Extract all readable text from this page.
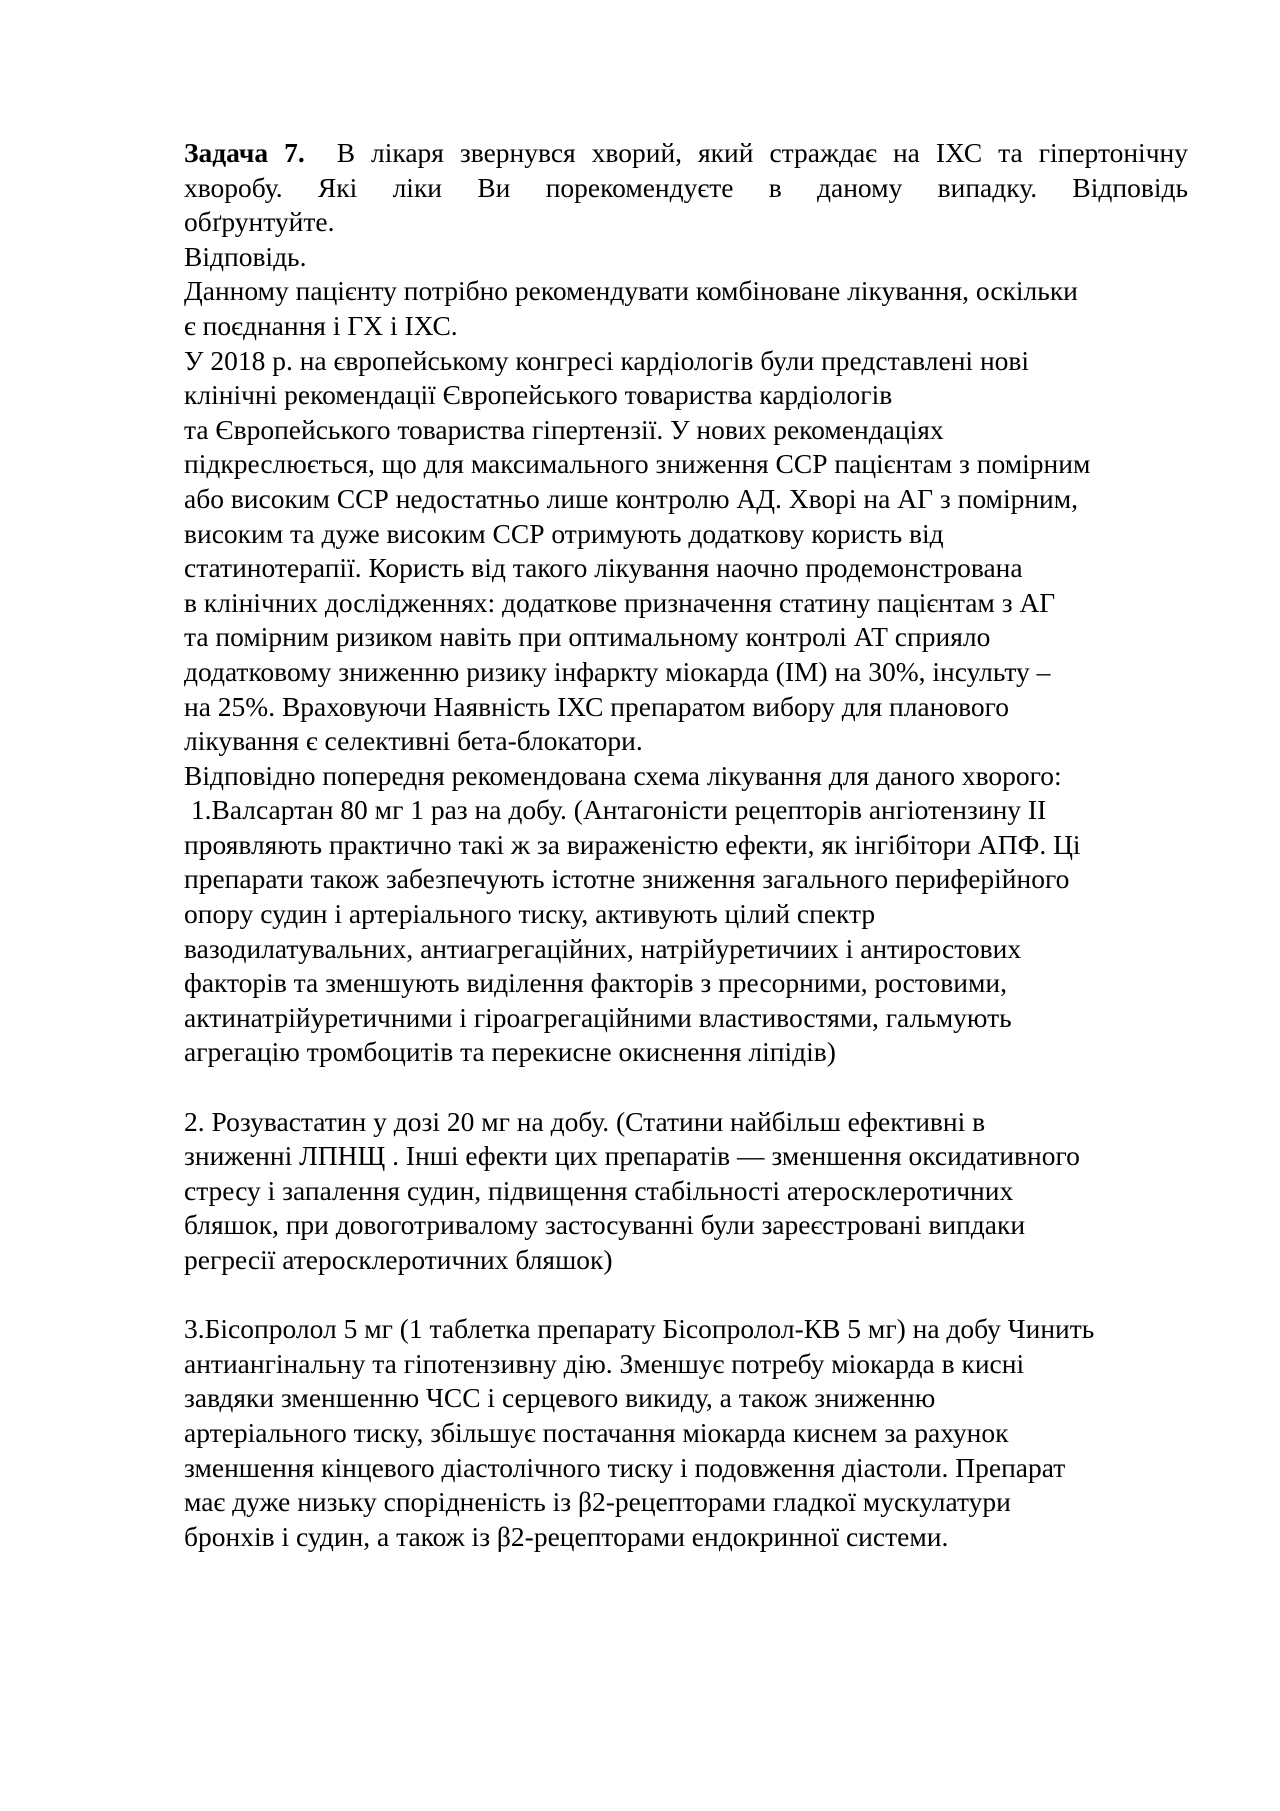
Задача 7. В лікаря звернувся хворий, який страждає на ІХС та гіпертонічну
хворобу. Які ліки Ви порекомендуєте в даному випадку. Відповідь
обґрунтуйте.
Відповідь.
Данному пацієнту потрібно рекомендувати комбіноване лікування, оскільки
є поєднання і ГХ і ІХС.
У 2018 р. на європейському конгресі кардіологів були представлені нові
клінічні рекомендації Європейського товариства кардіологів
та Європейського товариства гіпертензії. У нових рекомендаціях
підкреслюється, що для максимального зниження ССР пацієнтам з помірним
або високим ССР недостатньо лише контролю АД. Хворі на АГ з помірним,
високим та дуже високим ССР отримують додаткову користь від
статинотерапії. Користь від такого лікування наочно продемонстрована
в клінічних дослідженнях: додаткове призначення статину пацієнтам з АГ
та помірним ризиком навіть при оптимальному контролі АТ сприяло
додатковому зниженню ризику інфаркту міокарда (ІМ) на 30%, інсульту –
на 25%. Враховуючи Наявність ІХС препаратом вибору для планового
лікування є селективні бета-блокатори.
Відповідно попередня рекомендована схема лікування для даного хворого:
1.Валсартан 80 мг 1 раз на добу. (Антагоністи рецепторів ангіотензину II
проявляють практично такі ж за вираженістю ефекти, як інгібітори АПФ. Ці
препарати також забезпечують істотне зниження загального периферійного
опору судин і артеріального тиску, активують цілий спектр
вазодилатувальних, антиагрегаційних, натрійуретичиих і антиростових
факторів та зменшують виділення факторів з пресорними, ростовими,
актинатрійуретичними і гіроагрегаційними властивостями, гальмують
агрегацію тромбоцитів та перекисне окиснення ліпідів)
2. Розувастатин у дозі 20 мг на добу. (Статини найбільш ефективні в
зниженні ЛПНЩ . Інші ефекти цих препаратів — зменшення оксидативного
стресу і запалення судин, підвищення стабільності атеросклеротичних
бляшок, при довоготривалому застосуванні були зареєстровані випдаки
регресії атеросклеротичних бляшок)
3.Бісопролол 5 мг (1 таблетка препарату Бісопролол-КВ 5 мг) на добу Чинить
антиангінальну та гіпотензивну дію. Зменшує потребу міокарда в кисні
завдяки зменшенню ЧСС і серцевого викиду, а також зниженню
артеріального тиску, збільшує постачання міокарда киснем за рахунок
зменшення кінцевого діастолічного тиску і подовження діастоли. Препарат
має дуже низьку спорідненість із β2-рецепторами гладкої мускулатури
бронхів і судин, а також із β2-рецепторами ендокринної системи.
